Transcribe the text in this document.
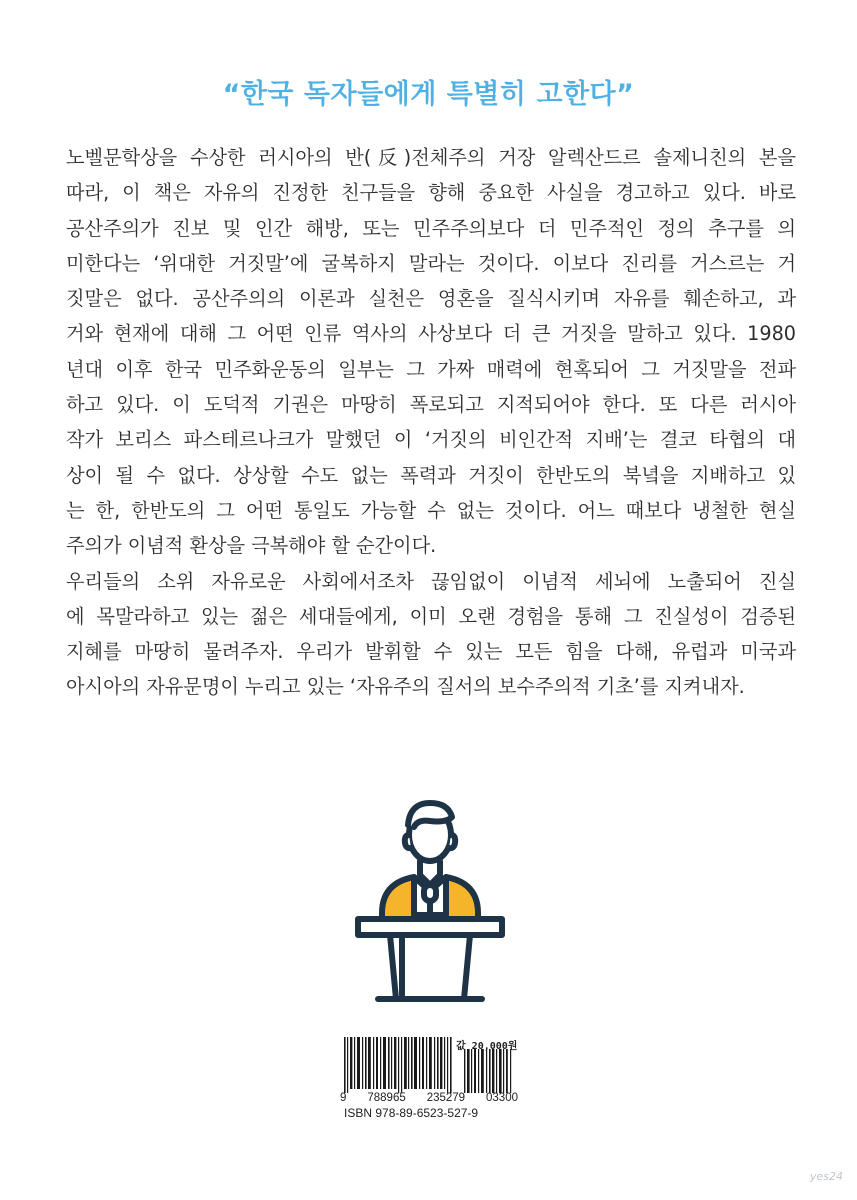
“한국 독자들에게 특별히 고한다”
노벨문학상을 수상한 러시아의 반(反)전체주의 거장 알렉산드르 솔제니친의 본을
따라, 이 책은 자유의 진정한 친구들을 향해 중요한 사실을 경고하고 있다. 바로
공산주의가 진보 및 인간 해방, 또는 민주주의보다 더 민주적인 정의 추구를 의
미한다는 ‘위대한 거짓말’에 굴복하지 말라는 것이다. 이보다 진리를 거스르는 거
짓말은 없다. 공산주의의 이론과 실천은 영혼을 질식시키며 자유를 훼손하고, 과
거와 현재에 대해 그 어떤 인류 역사의 사상보다 더 큰 거짓을 말하고 있다. 1980
년대 이후 한국 민주화운동의 일부는 그 가짜 매력에 현혹되어 그 거짓말을 전파
하고 있다. 이 도덕적 기권은 마땅히 폭로되고 지적되어야 한다. 또 다른 러시아
작가 보리스 파스테르나크가 말했던 이 ‘거짓의 비인간적 지배’는 결코 타협의 대
상이 될 수 없다. 상상할 수도 없는 폭력과 거짓이 한반도의 북녘을 지배하고 있
는 한, 한반도의 그 어떤 통일도 가능할 수 없는 것이다. 어느 때보다 냉철한 현실
주의가 이념적 환상을 극복해야 할 순간이다.
우리들의 소위 자유로운 사회에서조차 끊임없이 이념적 세뇌에 노출되어 진실
에 목말라하고 있는 젊은 세대들에게, 이미 오랜 경험을 통해 그 진실성이 검증된
지혜를 마땅히 물려주자. 우리가 발휘할 수 있는 모든 힘을 다해, 유럽과 미국과
아시아의 자유문명이 누리고 있는 ‘자유주의 질서의 보수주의적 기초’를 지켜내자.
값 20,000원
9 788965 235279 03300
ISBN 978-89-6523-527-9
yes24
